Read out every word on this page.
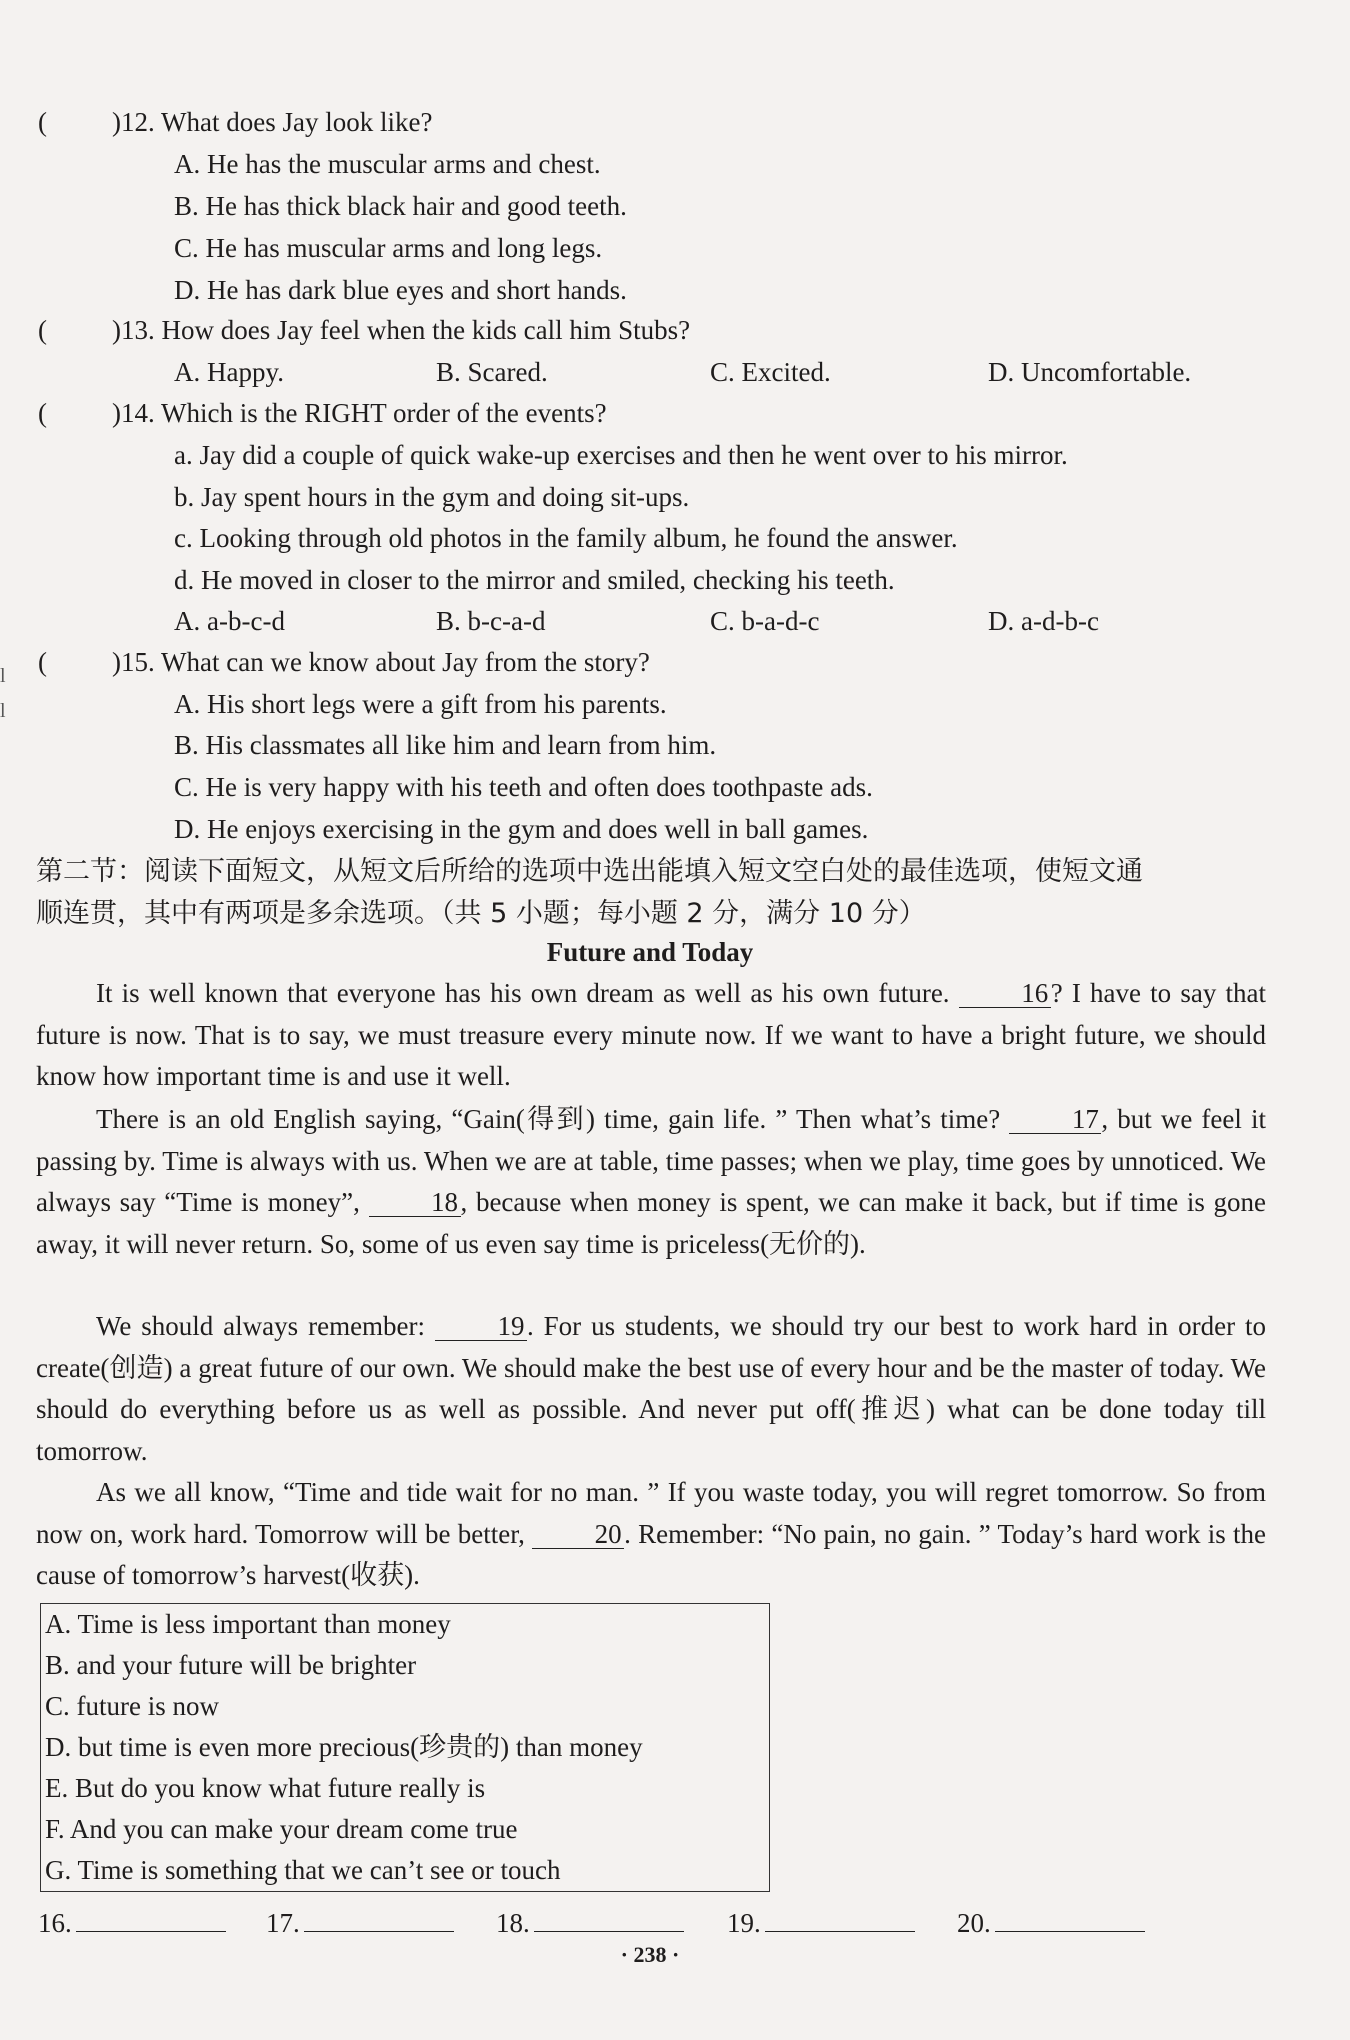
l
l
( )12. What does Jay look like?
A. He has the muscular arms and chest.
B. He has thick black hair and good teeth.
C. He has muscular arms and long legs.
D. He has dark blue eyes and short hands.
( )13. How does Jay feel when the kids call him Stubs?
A. Happy.	B. Scared.	C. Excited.	D. Uncomfortable.
( )14. Which is the RIGHT order of the events?
a. Jay did a couple of quick wake-up exercises and then he went over to his mirror.
b. Jay spent hours in the gym and doing sit-ups.
c. Looking through old photos in the family album, he found the answer.
d. He moved in closer to the mirror and smiled, checking his teeth.
A. a-b-c-d	B. b-c-a-d	C. b-a-d-c	D. a-d-b-c
( )15. What can we know about Jay from the story?
A. His short legs were a gift from his parents.
B. His classmates all like him and learn from him.
C. He is very happy with his teeth and often does toothpaste ads.
D. He enjoys exercising in the gym and does well in ball games.
第二节：阅读下面短文，从短文后所给的选项中选出能填入短文空白处的最佳选项，使短文通
顺连贯，其中有两项是多余选项。（共 5 小题；每小题 2 分，满分 10 分）
Future and Today
It is well known that everyone has his own dream as well as his own future.	16? I have to say that future is now. That is to say, we must treasure every minute now. If we want to have a bright future, we should know how important time is and use it well.
There is an old English saying, “Gain(得到) time, gain life. ” Then what’s time?	17, but we feel it passing by. Time is always with us. When we are at table, time passes; when we play, time goes by unnoticed. We always say “Time is money”,	18, because when money is spent, we can make it back, but if time is gone away, it will never return. So, some of us even say time is priceless(无价的).
We should always remember:	19. For us students, we should try our best to work hard in order to create(创造) a great future of our own. We should make the best use of every hour and be the master of today. We should do everything before us as well as possible. And never put off(推迟) what can be done today till tomorrow.
As we all know, “Time and tide wait for no man. ” If you waste today, you will regret tomorrow. So from now on, work hard. Tomorrow will be better,	20. Remember: “No pain, no gain. ” Today’s hard work is the cause of tomorrow’s harvest(收获).
A. Time is less important than money
B. and your future will be brighter
C. future is now
D. but time is even more precious(珍贵的) than money
E. But do you know what future really is
F. And you can make your dream come true
G. Time is something that we can’t see or touch
16.	17.	18.	19.	20.
· 238 ·
